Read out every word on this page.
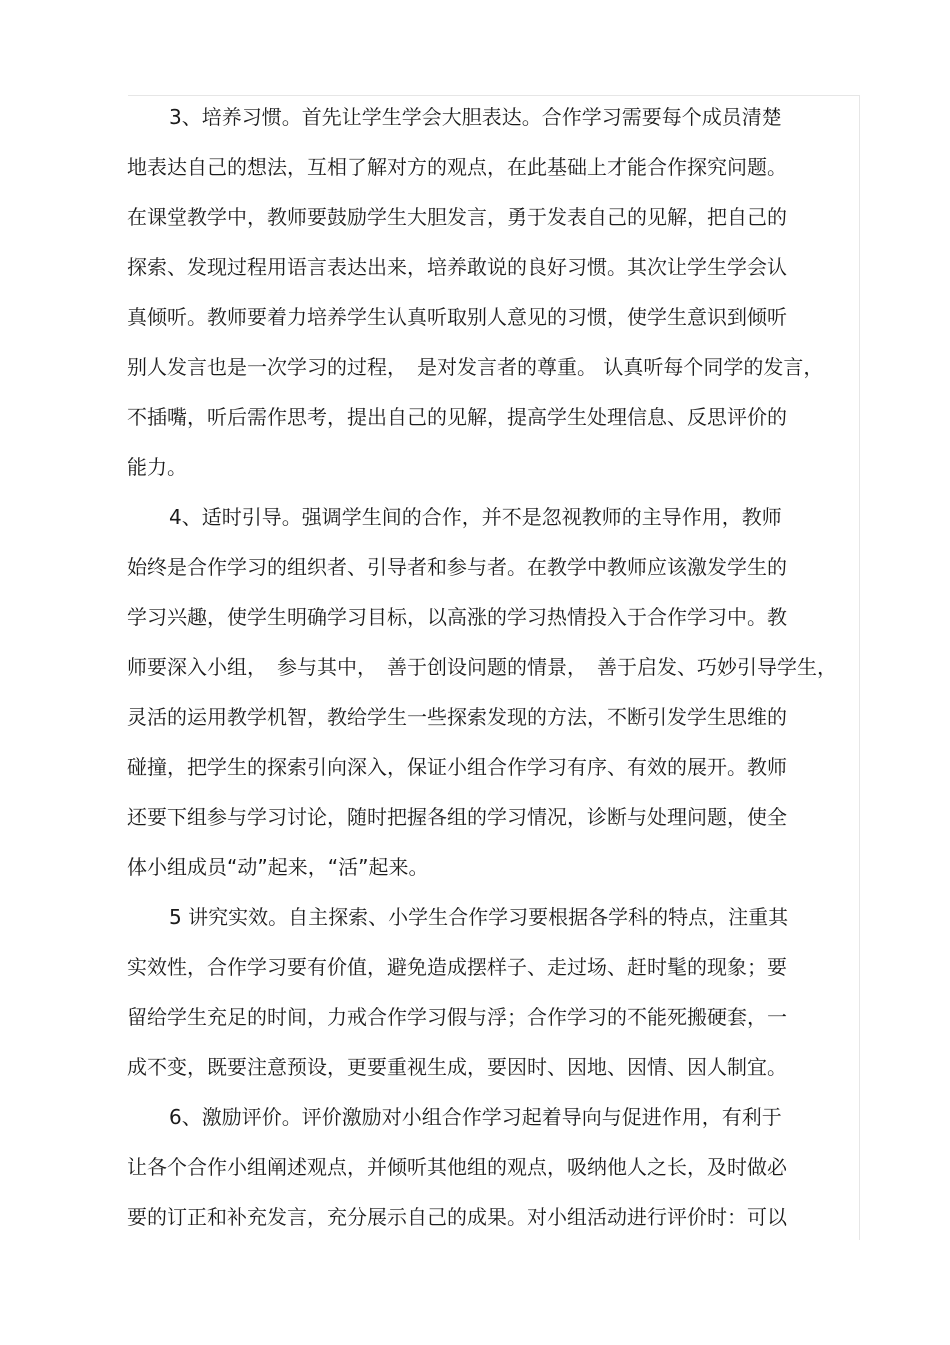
3、培养习惯。首先让学生学会大胆表达。合作学习需要每个成员清楚
地表达自己的想法，互相了解对方的观点，在此基础上才能合作探究问题。
在课堂教学中，教师要鼓励学生大胆发言，勇于发表自己的见解，把自己的
探索、发现过程用语言表达出来，培养敢说的良好习惯。其次让学生学会认
真倾听。教师要着力培养学生认真听取别人意见的习惯，使学生意识到倾听
别人发言也是一次学习的过程，　是对发言者的尊重。 认真听每个同学的发言，
不插嘴，听后需作思考，提出自己的见解，提高学生处理信息、反思评价的
能力。
4、适时引导。强调学生间的合作，并不是忽视教师的主导作用，教师
始终是合作学习的组织者、引导者和参与者。在教学中教师应该激发学生的
学习兴趣，使学生明确学习目标，以高涨的学习热情投入于合作学习中。教
师要深入小组，　参与其中，　善于创设问题的情景，　善于启发、巧妙引导学生，
灵活的运用教学机智，教给学生一些探索发现的方法，不断引发学生思维的
碰撞，把学生的探索引向深入，保证小组合作学习有序、有效的展开。教师
还要下组参与学习讨论，随时把握各组的学习情况，诊断与处理问题，使全
体小组成员“动”起来，“活”起来。
5 讲究实效。自主探索、小学生合作学习要根据各学科的特点，注重其
实效性，合作学习要有价值，避免造成摆样子、走过场、赶时髦的现象；要
留给学生充足的时间，力戒合作学习假与浮；合作学习的不能死搬硬套，一
成不变，既要注意预设，更要重视生成，要因时、因地、因情、因人制宜。
6、激励评价。评价激励对小组合作学习起着导向与促进作用，有利于
让各个合作小组阐述观点，并倾听其他组的观点，吸纳他人之长，及时做必
要的订正和补充发言，充分展示自己的成果。对小组活动进行评价时：可以
